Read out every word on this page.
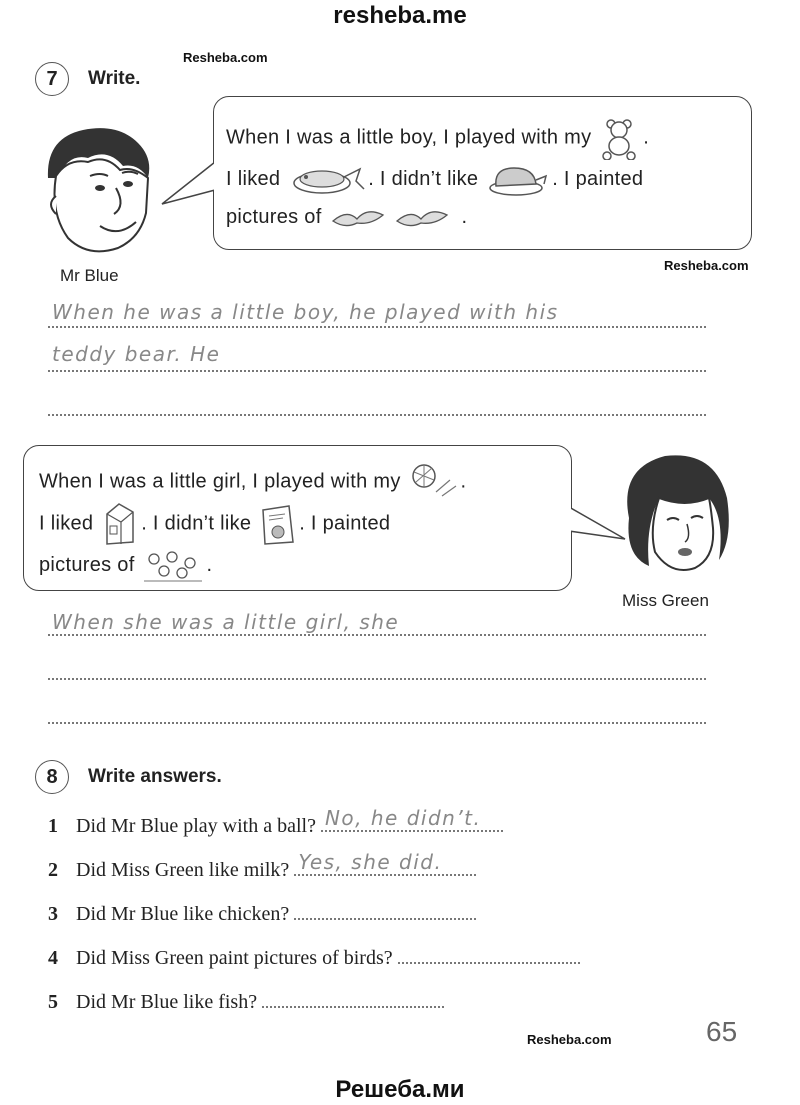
resheba.me
Решеба.ми
Resheba.com
Resheba.com
Resheba.com
7	Write.
Mr Blue
When I was a little boy, I played with my	.
I liked	. I didn’t like	. I painted
pictures of	.
When he was a little boy, he played with his
teddy bear. He
When I was a little girl, I played with my	.
I liked . I didn’t like . I painted
pictures of	.
Miss Green
When she was a little girl, she
8	Write answers.
1 Did Mr Blue play with a ball? No, he didn’t.
2 Did Miss Green like milk? Yes, she did.
3 Did Mr Blue like chicken?
4 Did Miss Green paint pictures of birds?
5 Did Mr Blue like fish?
65
